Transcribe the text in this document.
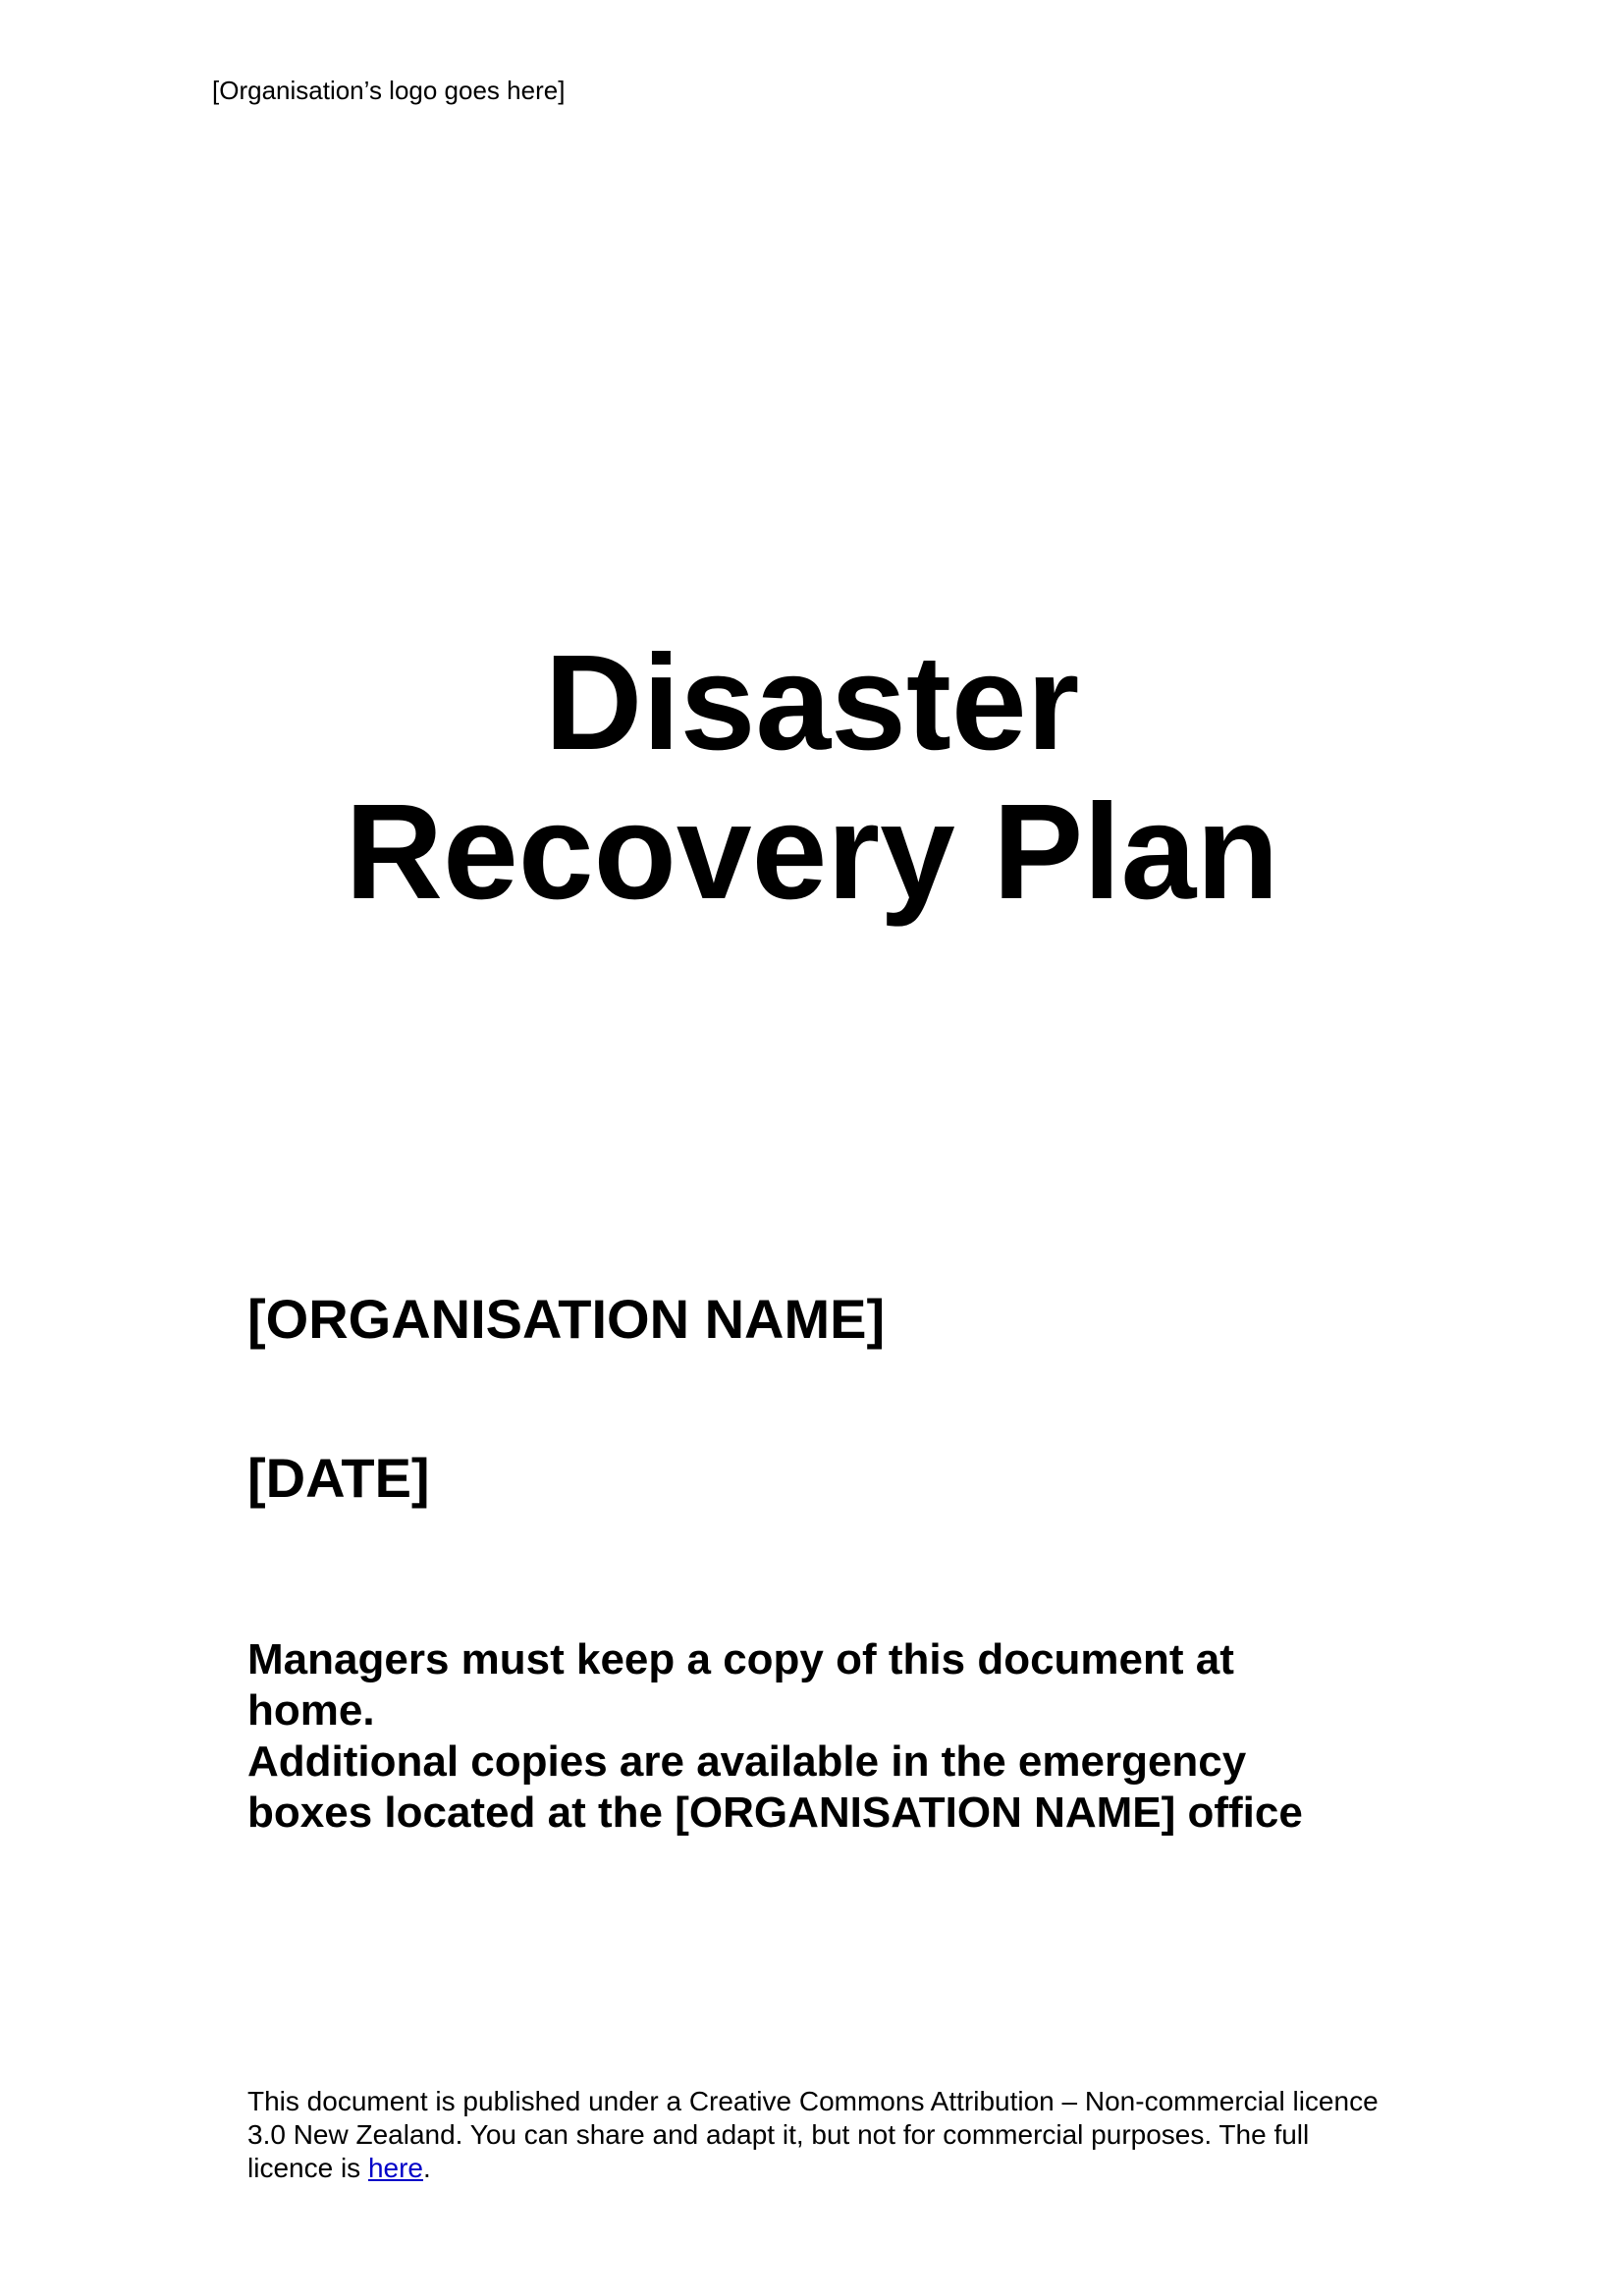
[Organisation’s logo goes here]
Disaster
Recovery Plan
[ORGANISATION NAME]
[DATE]
Managers must keep a copy of this document at
home.
Additional copies are available in the emergency
boxes located at the [ORGANISATION NAME] office
This document is published under a Creative Commons Attribution – Non-commercial licence
3.0 New Zealand. You can share and adapt it, but not for commercial purposes. The full
licence is here.
